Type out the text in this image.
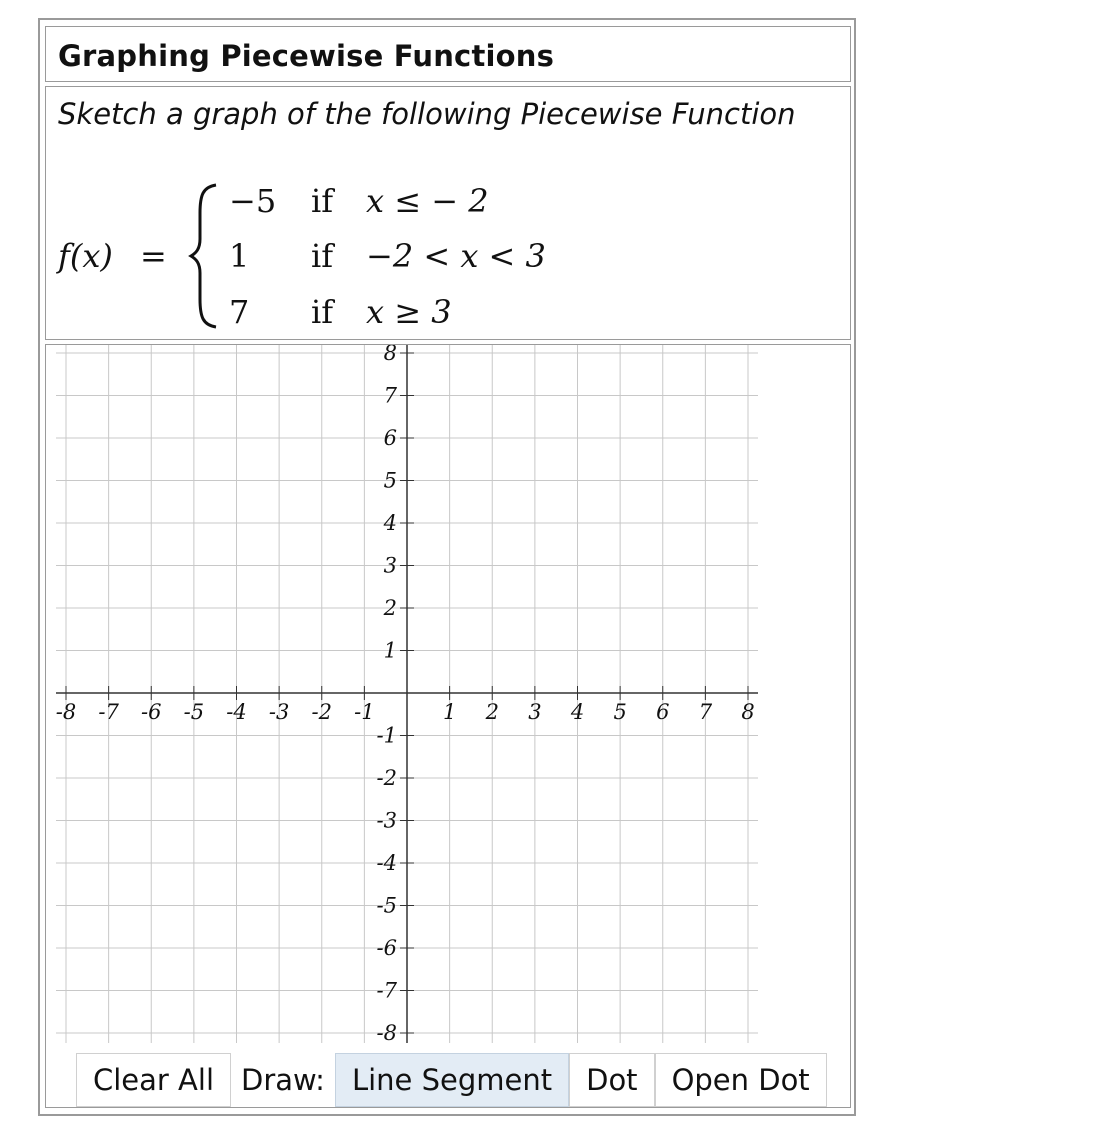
Graphing Piecewise Functions
Sketch a graph of the following Piecewise Function
f(x) =
−5 if x ≤ − 2
1 if −2 < x < 3
7 if x ≥ 3
-8 -7 -6 -5 -4 -3 -2 -1	1 2 3 4 5 6 7 8
8
7
6
5
4
3
2
1
-1
-2
-3
-4
-5
-6
-7
-8
Clear All Draw: Line Segment	Dot	Open Dot
